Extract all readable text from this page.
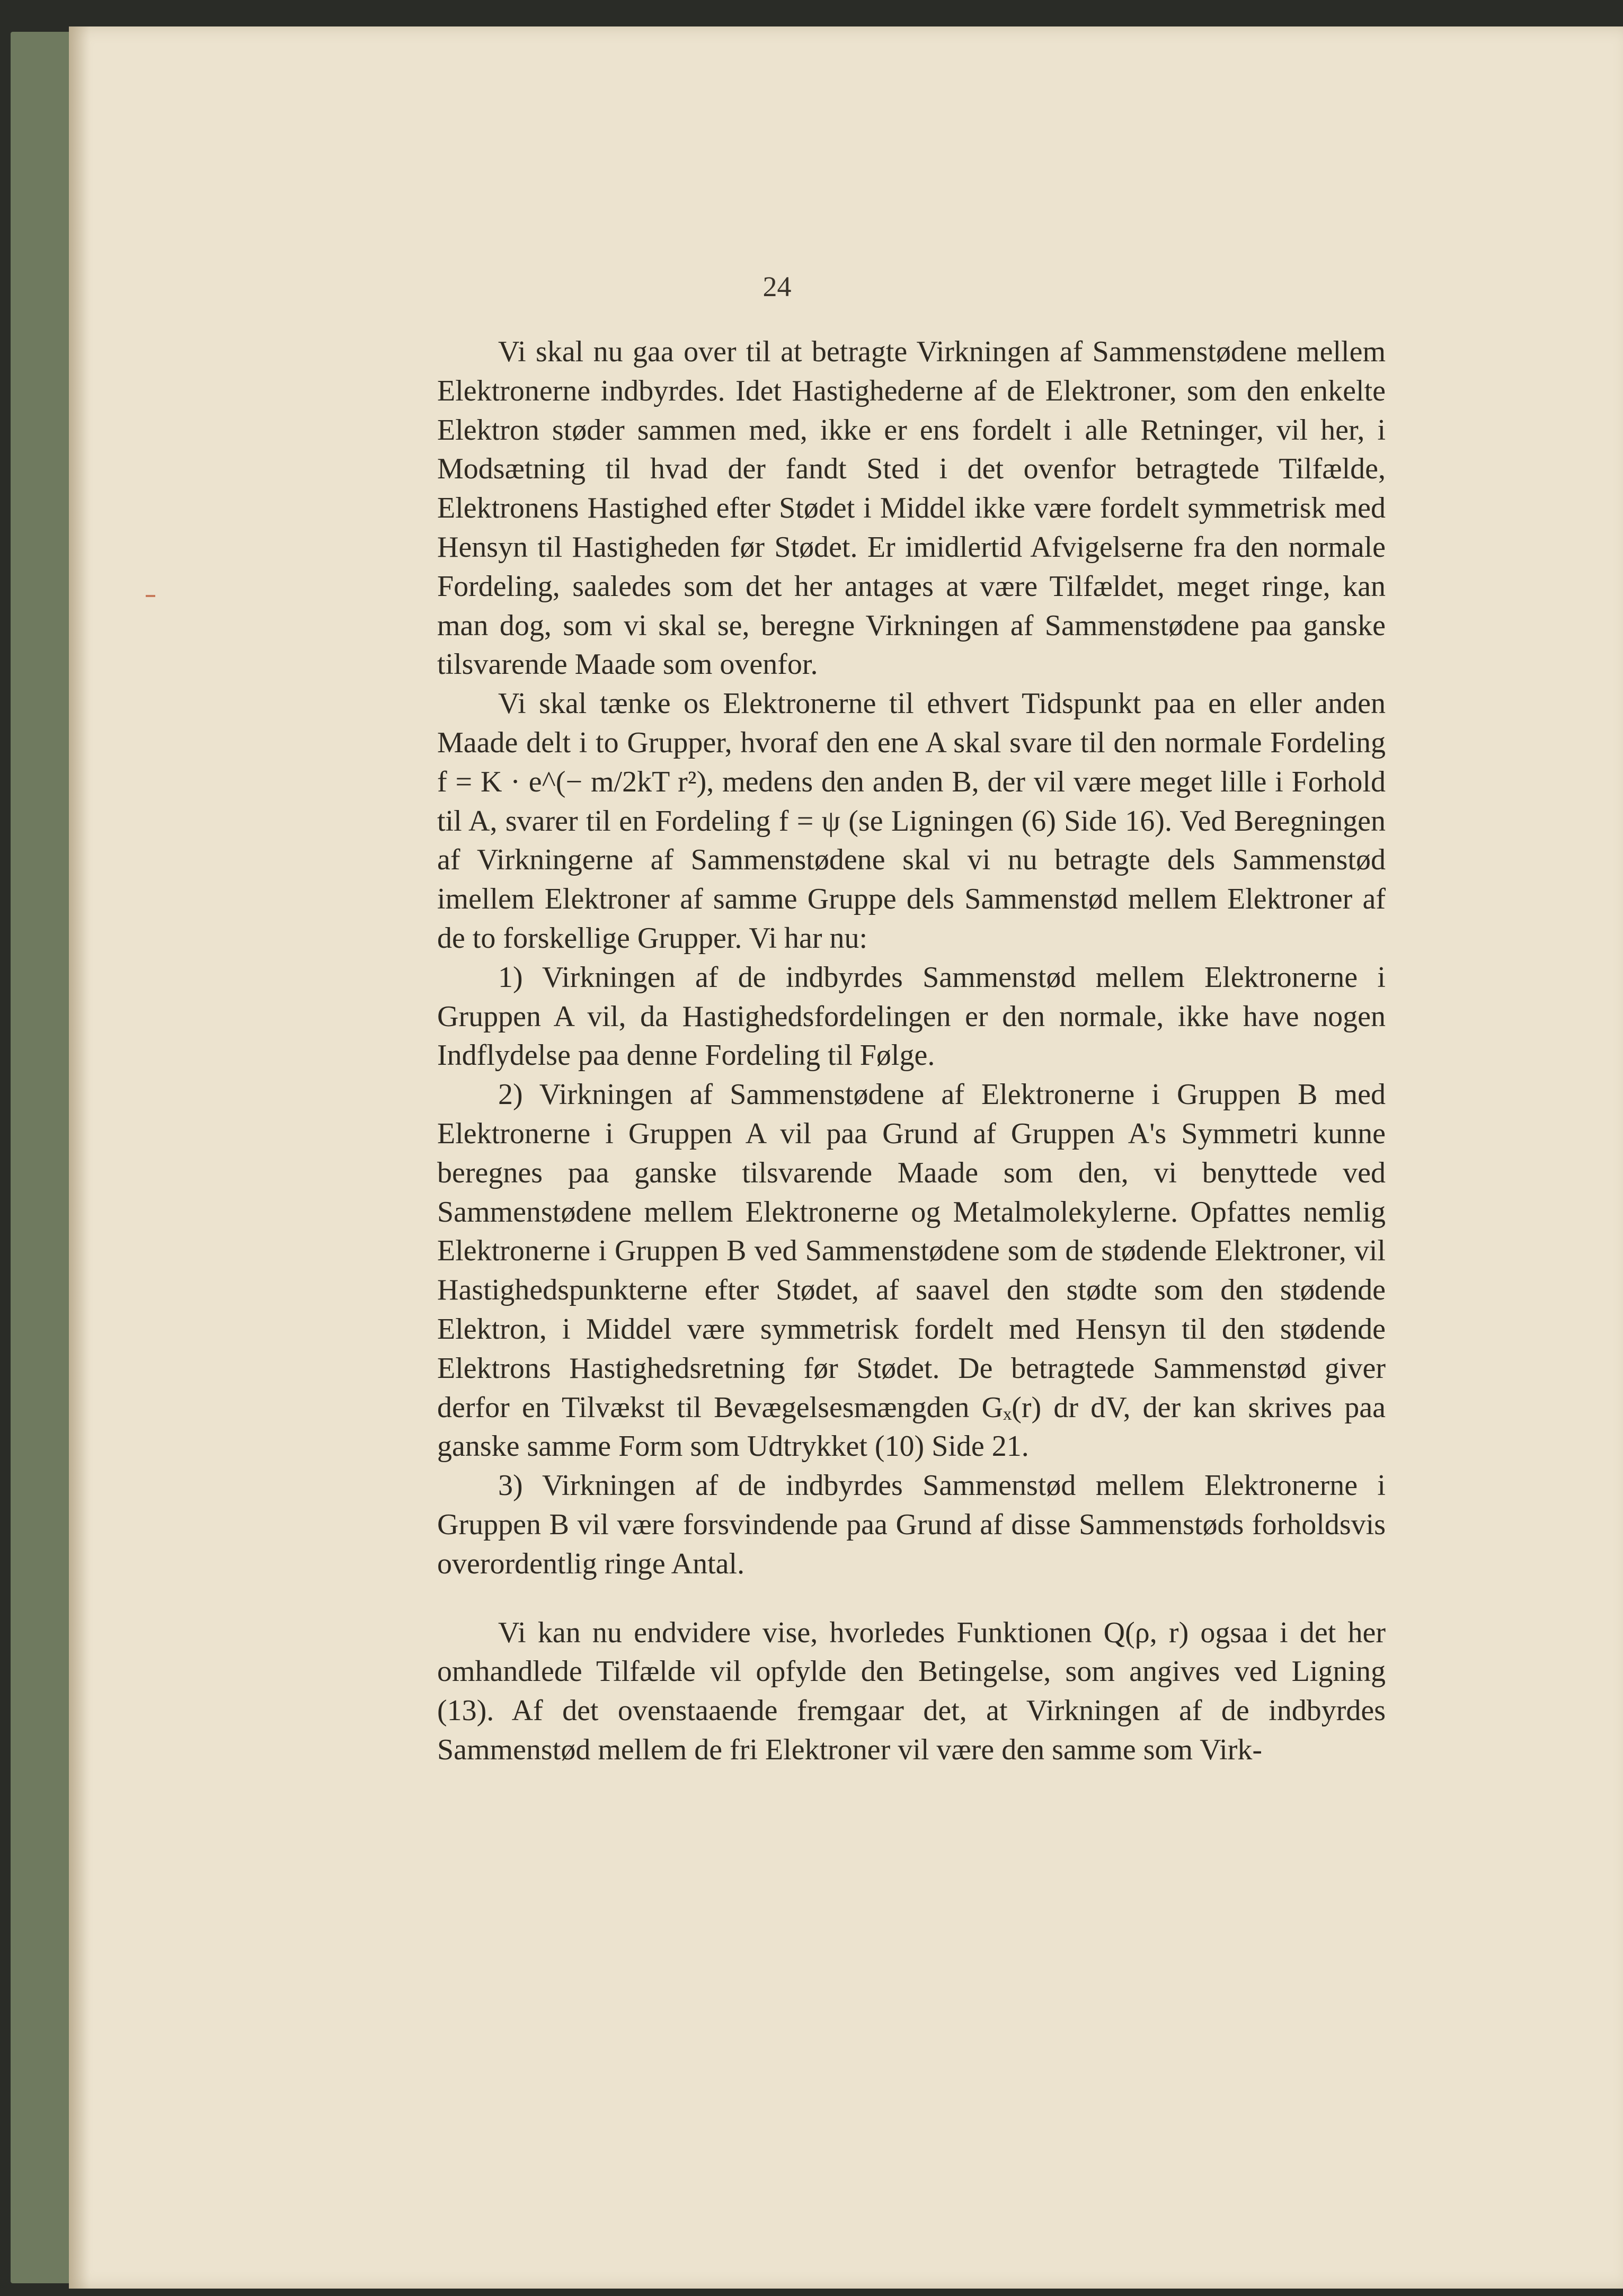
24

Vi skal nu gaa over til at betragte Virkningen af Sammenstødene mellem Elektronerne indbyrdes. Idet Hastighederne af de Elektroner, som den enkelte Elektron støder sammen med, ikke er ens fordelt i alle Retninger, vil her, i Modsætning til hvad der fandt Sted i det ovenfor betragtede Tilfælde, Elektronens Hastighed efter Stødet i Middel ikke være fordelt symmetrisk med Hensyn til Hastigheden før Stødet. Er imidlertid Afvigelserne fra den normale Fordeling, saaledes som det her antages at være Tilfældet, meget ringe, kan man dog, som vi skal se, beregne Virkningen af Sammenstødene paa ganske tilsvarende Maade som ovenfor.

Vi skal tænke os Elektronerne til ethvert Tidspunkt paa en eller anden Maade delt i to Grupper, hvoraf den ene A skal svare til den normale Fordeling f = K · e^(− m/2kT r²), medens den anden B, der vil være meget lille i Forhold til A, svarer til en Fordeling f = ψ (se Ligningen (6) Side 16). Ved Beregningen af Virkningerne af Sammenstødene skal vi nu betragte dels Sammenstød imellem Elektroner af samme Gruppe dels Sammenstød mellem Elektroner af de to forskellige Grupper. Vi har nu:

1) Virkningen af de indbyrdes Sammenstød mellem Elektronerne i Gruppen A vil, da Hastighedsfordelingen er den normale, ikke have nogen Indflydelse paa denne Fordeling til Følge.

2) Virkningen af Sammenstødene af Elektronerne i Gruppen B med Elektronerne i Gruppen A vil paa Grund af Gruppen A's Symmetri kunne beregnes paa ganske tilsvarende Maade som den, vi benyttede ved Sammenstødene mellem Elektronerne og Metalmolekylerne. Opfattes nemlig Elektronerne i Gruppen B ved Sammenstødene som de stødende Elektroner, vil Hastighedspunkterne efter Stødet, af saavel den stødte som den stødende Elektron, i Middel være symmetrisk fordelt med Hensyn til den stødende Elektrons Hastighedsretning før Stødet. De betragtede Sammenstød giver derfor en Tilvækst til Bevægelsesmængden Gₓ(r) dr dV, der kan skrives paa ganske samme Form som Udtrykket (10) Side 21.

3) Virkningen af de indbyrdes Sammenstød mellem Elektronerne i Gruppen B vil være forsvindende paa Grund af disse Sammenstøds forholdsvis overordentlig ringe Antal.

Vi kan nu endvidere vise, hvorledes Funktionen Q(ρ, r) ogsaa i det her omhandlede Tilfælde vil opfylde den Betingelse, som angives ved Ligning (13). Af det ovenstaaende fremgaar det, at Virkningen af de indbyrdes Sammenstød mellem de fri Elektroner vil være den samme som Virk-
